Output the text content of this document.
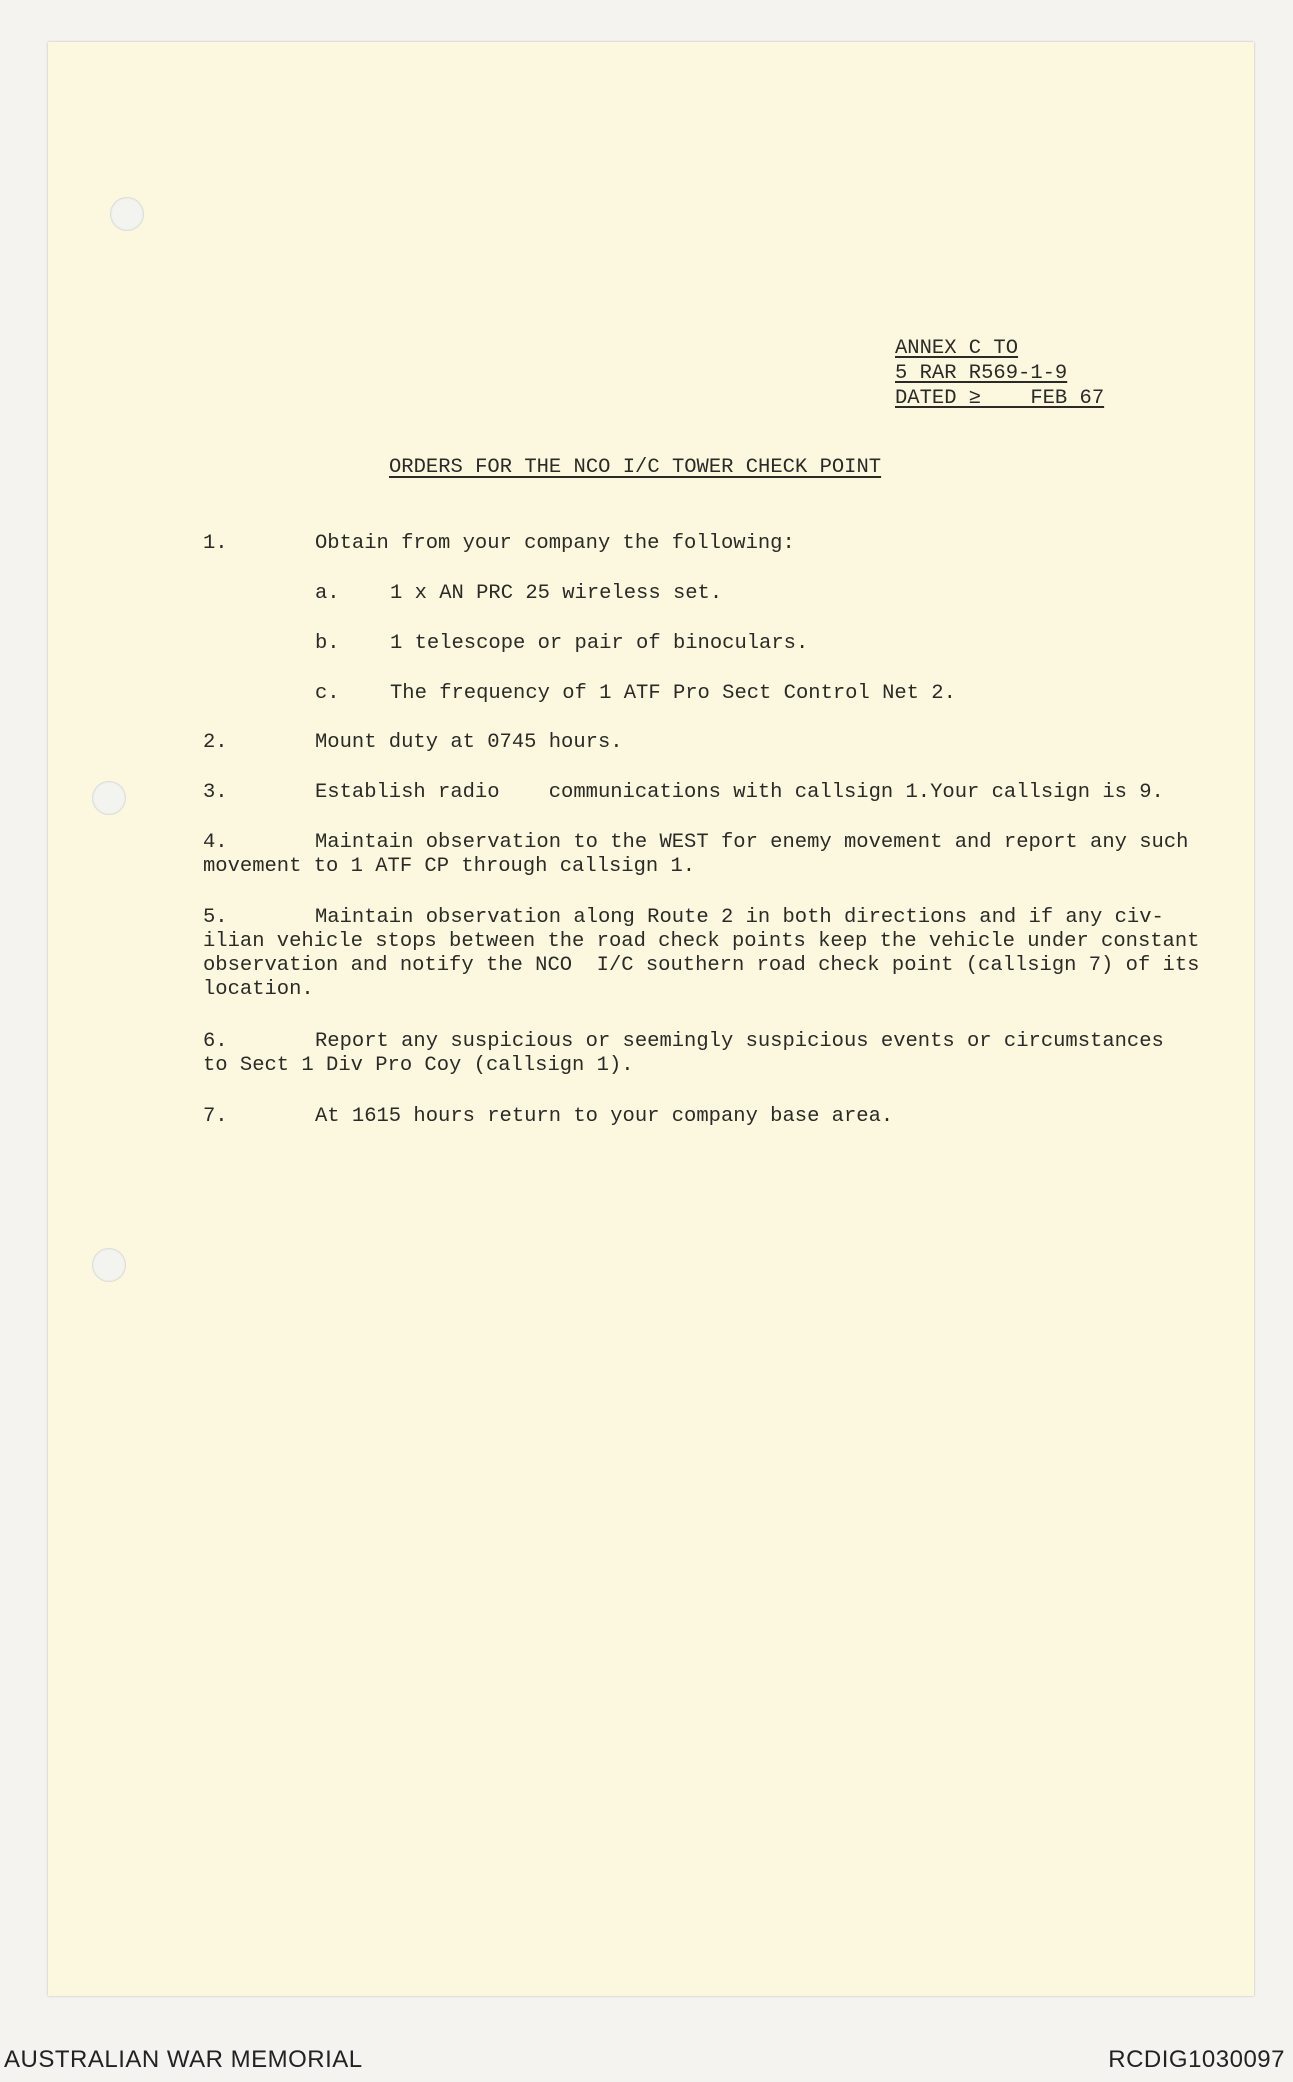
ANNEX C TO
5 RAR R569-1-9
DATED ≥    FEB 67
ORDERS FOR THE NCO I/C TOWER CHECK POINT
1.	Obtain from your company the following:
a. 1 x AN PRC 25 wireless set.
b. 1 telescope or pair of binoculars.
c. The frequency of 1 ATF Pro Sect Control Net 2.
2.	Mount duty at 0745 hours.
3.	Establish radio    communications with callsign 1.Your callsign is 9.
4.	Maintain observation to the WEST for enemy movement and report any such
movement to 1 ATF CP through callsign 1.
5.	Maintain observation along Route 2 in both directions and if any civ-
ilian vehicle stops between the road check points keep the vehicle under constant
observation and notify the NCO  I/C southern road check point (callsign 7) of its
location.
6.	Report any suspicious or seemingly suspicious events or circumstances
to Sect 1 Div Pro Coy (callsign 1).
7.	At 1615 hours return to your company base area.
AUSTRALIAN WAR MEMORIAL	RCDIG1030097
